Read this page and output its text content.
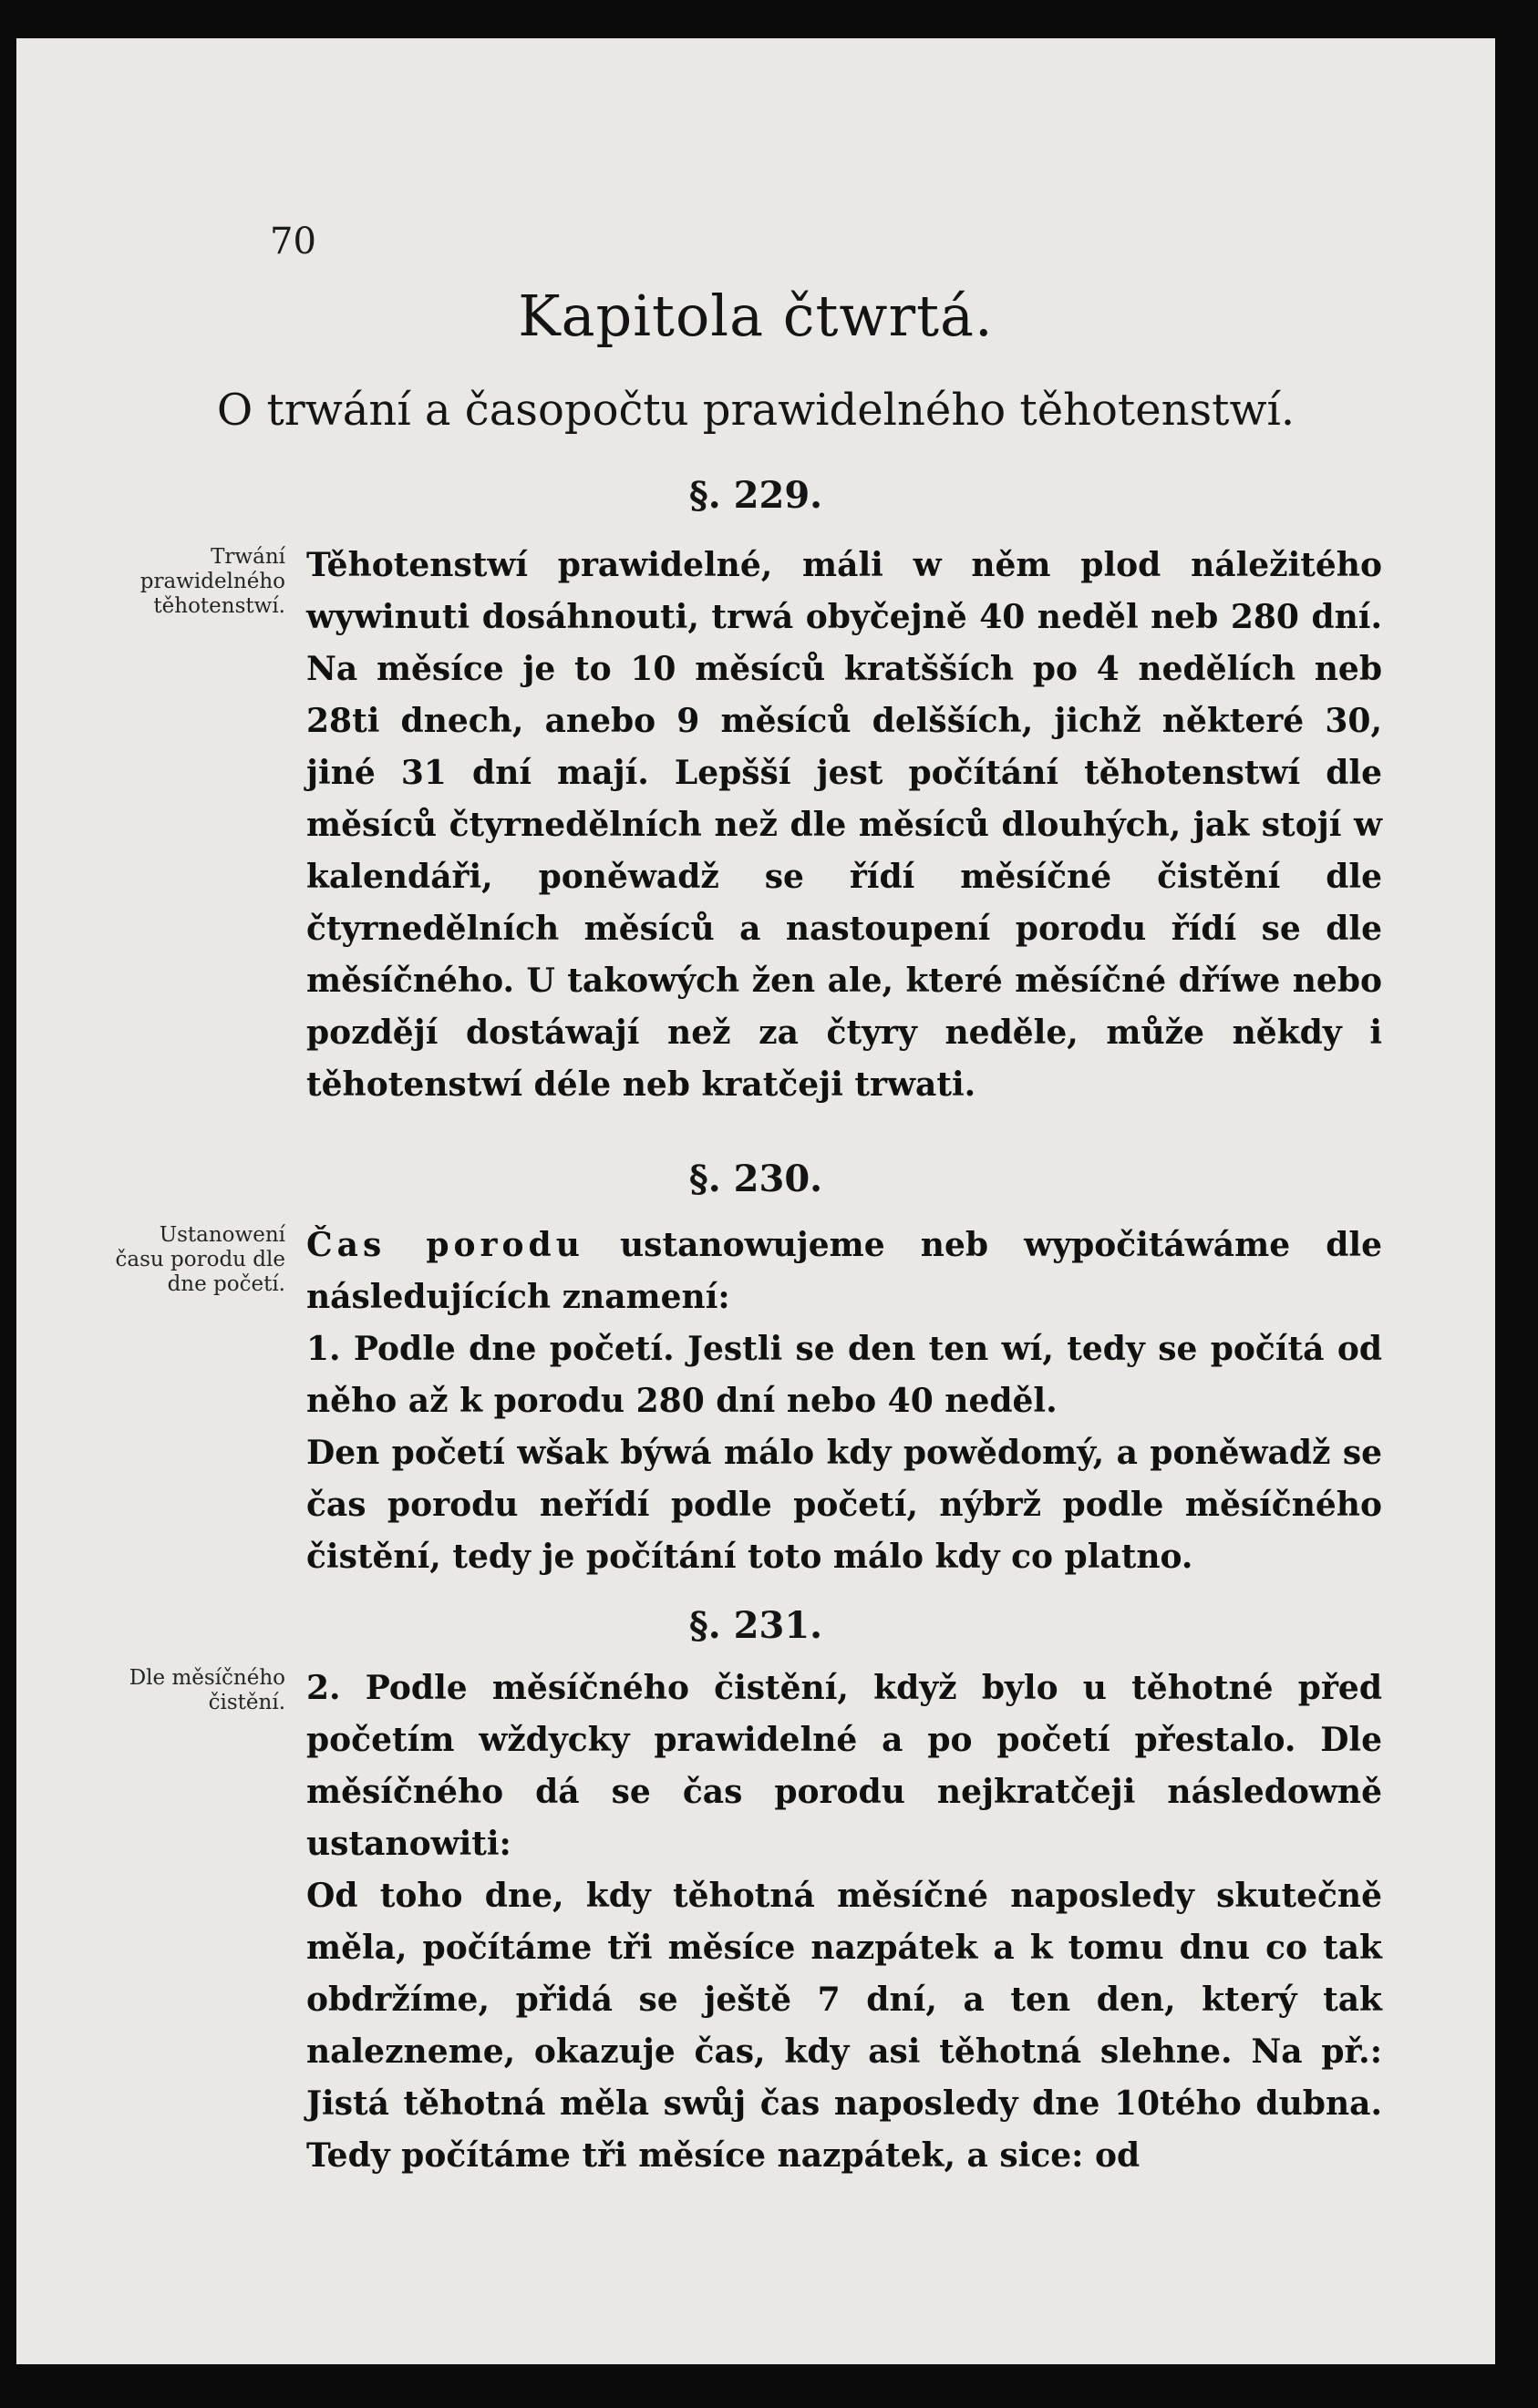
70
Kapitola čtwrtá.
O trwání a časopočtu prawidelného těhotenstwí.
§. 229.
Trwání prawidelného těhotenstwí.
Těhotenstwí prawidelné, máli w něm plod náležitého wywinuti dosáhnouti, trwá obyčejně 40 neděl neb 280 dní. Na měsíce je to 10 měsíců kratšších po 4 nedělích neb 28ti dnech, anebo 9 měsíců delšších, jichž některé 30, jiné 31 dní mají. Lepšší jest počítání těhotenstwí dle měsíců čtyrnedělních než dle měsíců dlouhých, jak stojí w kalendáři, poněwadž se řídí měsíčné čistění dle čtyrnedělních měsíců a nastoupení porodu řídí se dle měsíčného. U takowých žen ale, které měsíčné dříwe nebo pozdějí dostáwají než za čtyry neděle, může někdy i těhotenstwí déle neb kratčeji trwati.
§. 230.
Ustanowení času porodu dle dne početí.
Čas porodu ustanowujeme neb wypočitáwáme dle následujících znamení:
1. Podle dne početí. Jestli se den ten wí, tedy se počítá od něho až k porodu 280 dní nebo 40 neděl.
Den početí wšak býwá málo kdy powědomý, a poněwadž se čas porodu neřídí podle početí, nýbrž podle měsíčného čistění, tedy je počítání toto málo kdy co platno.
§. 231.
Dle měsíčného čistění. 2. Podle měsíčného čistění, když bylo u těhotné před početím wždycky prawidelné a po početí přestalo. Dle měsíčného dá se čas porodu nejkratčeji následowně ustanowiti:
Od toho dne, kdy těhotná měsíčné naposledy skutečně měla, počítáme tři měsíce nazpátek a k tomu dnu co tak obdržíme, přidá se ještě 7 dní, a ten den, který tak nalezneme, okazuje čas, kdy asi těhotná slehne. Na př.: Jistá těhotná měla swůj čas naposledy dne 10tého dubna. Tedy počítáme tři měsíce nazpátek, a sice: od
